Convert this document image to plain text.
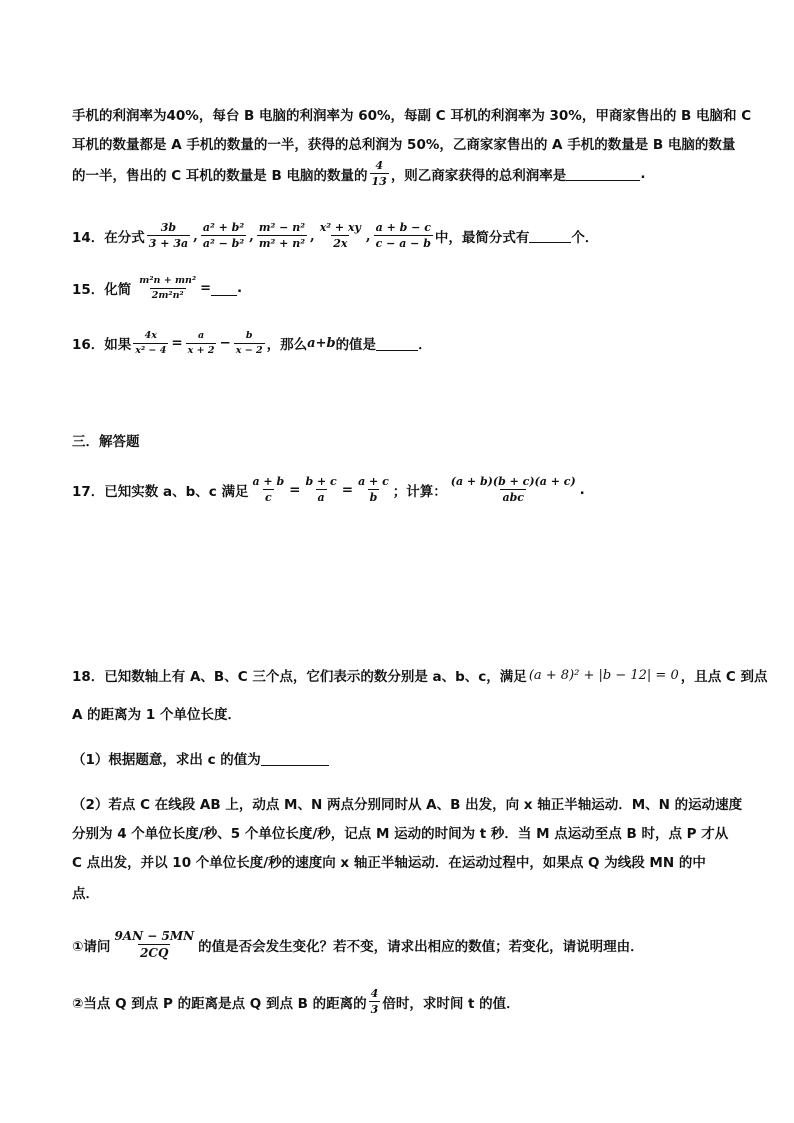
手机的利润率为40%，每台 B 电脑的利润率为 60%，每副 C 耳机的利润率为 30%，甲商家售出的 B 电脑和 C
耳机的数量都是 A 手机的数量的一半，获得的总利润为 50%，乙商家家售出的 A 手机的数量是 B 电脑的数量
的一半，售出的 C 耳机的数量是 B 电脑的数量的 $\frac{4}{13}$ ，则乙商家获得的总利润率是	.
14．在分式 $\frac{3b}{3 + 3a}$ , $\frac{\text{a² + b²}}{\text{a² − b²}}$ , $\frac{\text{m² − n²}}{\text{m² + n²}}$ , $\frac{\text{x² + xy}}{2x}$ , $\frac{a + b - c}{c - a - b}$ 中，最简分式有	个．
15．化简 $\frac{\text{m²n + mn²}}{\text{2m²n²}}$ = .
16．如果 $\frac{4x}{\text{x² − 4}} = \frac{a}{x + 2} - \frac{b}{x - 2}$ ，那么 a+b 的值是	．
三．解答题
17．已知实数 a、b、c 满足 $\frac{a + b}{c} = \frac{b + c}{a} = \frac{a + c}{b}$ ；计算： $\frac{(a + b)(b + c)(a + c)}{\text{abc}}$ .
18．已知数轴上有 A、B、C 三个点，它们表示的数分别是 a、b、c，满足 (a + 8)² + |b − 12| = 0 ，且点 C 到点
A 的距离为 1 个单位长度．
（1）根据题意，求出 c 的值为
（2）若点 C 在线段 AB 上，动点 M、N 两点分别同时从 A、B 出发，向 x 轴正半轴运动．M、N 的运动速度
分别为 4 个单位长度/秒、5 个单位长度/秒，记点 M 运动的时间为 t 秒．当 M 点运动至点 B 时，点 P 才从
C 点出发，并以 10 个单位长度/秒的速度向 x 轴正半轴运动．在运动过程中，如果点 Q 为线段 MN 的中
点．
①请问 $\frac{9AN - 5MN}{2CQ}$ 的值是否会发生变化？若不变，请求出相应的数值；若变化，请说明理由．
②当点 Q 到点 P 的距离是点 Q 到点 B 的距离的 $\frac{4}{3}$ 倍时，求时间 t 的值．
